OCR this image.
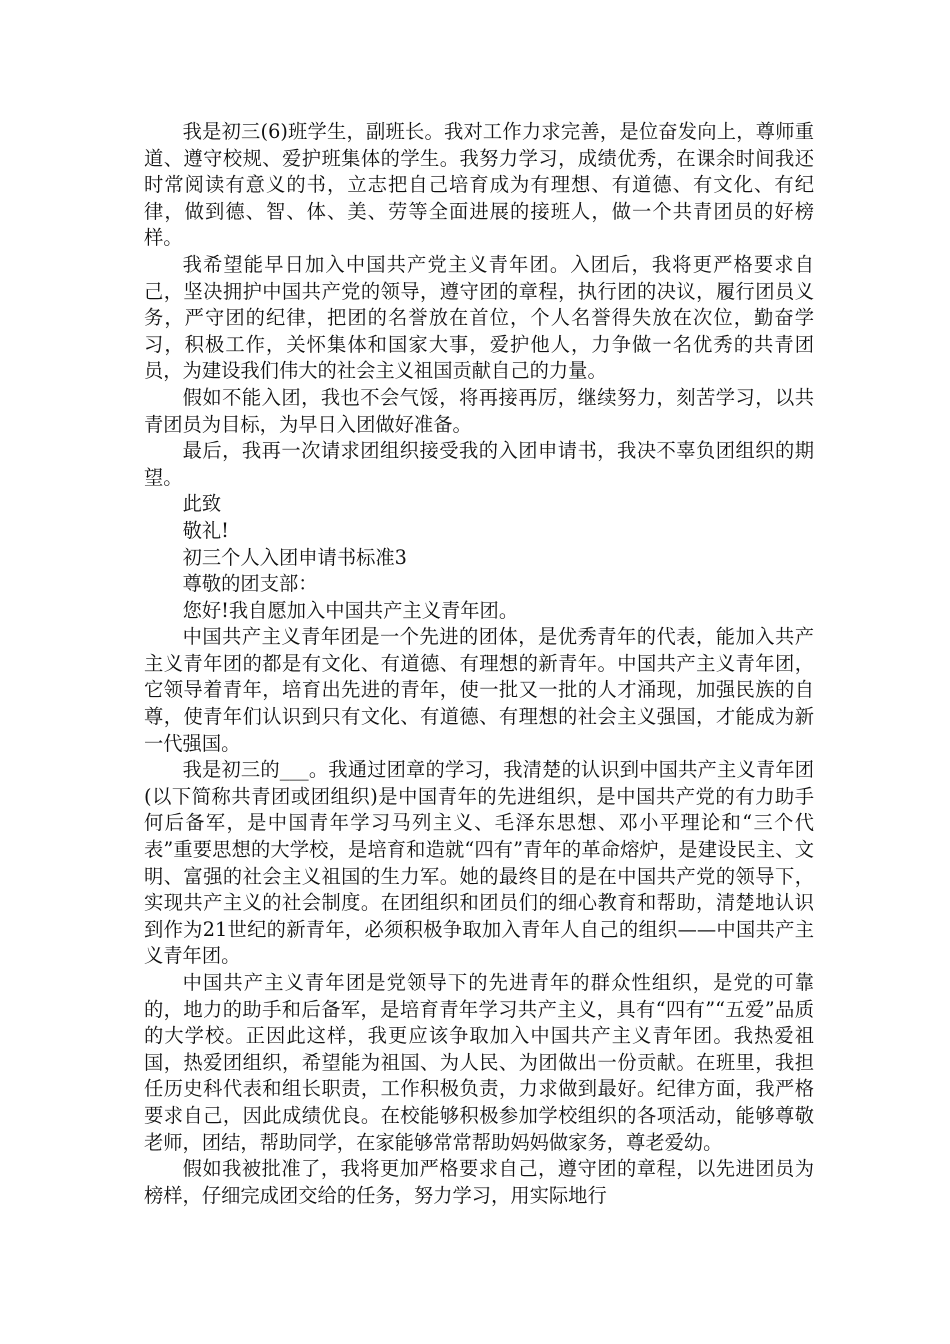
我是初三(6)班学生，副班长。我对工作力求完善，是位奋发向上，尊师重道、遵守校规、爱护班集体的学生。我努力学习，成绩优秀，在课余时间我还时常阅读有意义的书，立志把自己培育成为有理想、有道德、有文化、有纪律，做到德、智、体、美、劳等全面进展的接班人，做一个共青团员的好榜样。

我希望能早日加入中国共产党主义青年团。入团后，我将更严格要求自己，坚决拥护中国共产党的领导，遵守团的章程，执行团的决议，履行团员义务，严守团的纪律，把团的名誉放在首位，个人名誉得失放在次位，勤奋学习，积极工作，关怀集体和国家大事，爱护他人，力争做一名优秀的共青团员，为建设我们伟大的社会主义祖国贡献自己的力量。

假如不能入团，我也不会气馁，将再接再厉，继续努力，刻苦学习，以共青团员为目标，为早日入团做好准备。

最后，我再一次请求团组织接受我的入团申请书，我决不辜负团组织的期望。

此致

敬礼!

初三个人入团申请书标准3

尊敬的团支部：

您好!我自愿加入中国共产主义青年团。

中国共产主义青年团是一个先进的团体，是优秀青年的代表，能加入共产主义青年团的都是有文化、有道德、有理想的新青年。中国共产主义青年团，它领导着青年，培育出先进的青年，使一批又一批的人才涌现，加强民族的自尊，使青年们认识到只有文化、有道德、有理想的社会主义强国，才能成为新一代强国。

我是初三的___。我通过团章的学习，我清楚的认识到中国共产主义青年团(以下简称共青团或团组织)是中国青年的先进组织，是中国共产党的有力助手何后备军，是中国青年学习马列主义、毛泽东思想、邓小平理论和“三个代表”重要思想的大学校，是培育和造就“四有”青年的革命熔炉，是建设民主、文明、富强的社会主义祖国的生力军。她的最终目的是在中国共产党的领导下，实现共产主义的社会制度。在团组织和团员们的细心教育和帮助，清楚地认识到作为21世纪的新青年，必须积极争取加入青年人自己的组织——中国共产主义青年团。

中国共产主义青年团是党领导下的先进青年的群众性组织，是党的可靠的，地力的助手和后备军，是培育青年学习共产主义，具有“四有”“五爱”品质的大学校。正因此这样，我更应该争取加入中国共产主义青年团。我热爱祖国，热爱团组织，希望能为祖国、为人民、为团做出一份贡献。在班里，我担任历史科代表和组长职责，工作积极负责，力求做到最好。纪律方面，我严格要求自己，因此成绩优良。在校能够积极参加学校组织的各项活动，能够尊敬老师，团结，帮助同学，在家能够常常帮助妈妈做家务，尊老爱幼。

假如我被批准了，我将更加严格要求自己，遵守团的章程，以先进团员为榜样，仔细完成团交给的任务，努力学习，用实际地行
